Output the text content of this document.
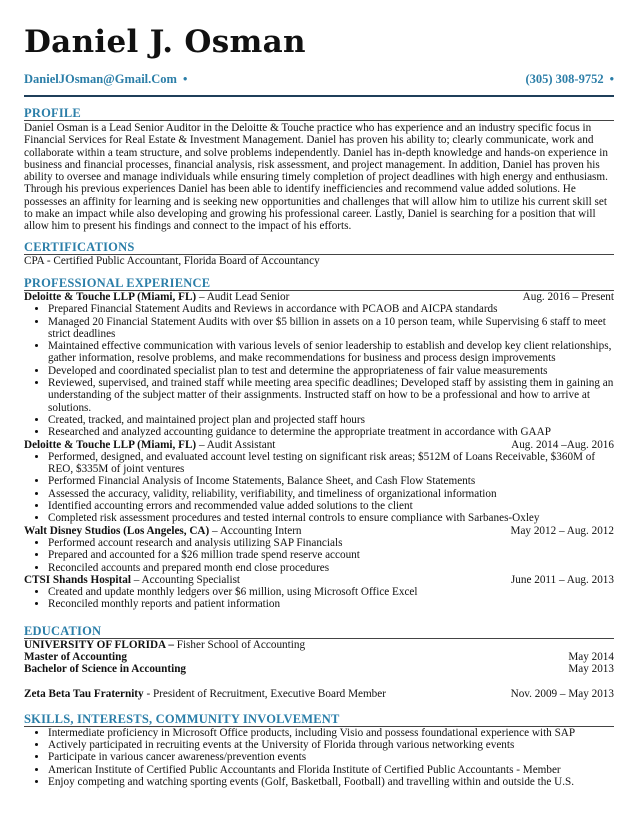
Daniel J. Osman
DanielJOsman@Gmail.Com •	(305) 308-9752 •
PROFILE
Daniel Osman is a Lead Senior Auditor in the Deloitte & Touche practice who has experience and an industry specific focus in Financial Services for Real Estate & Investment Management. Daniel has proven his ability to; clearly communicate, work and collaborate within a team structure, and solve problems independently. Daniel has in-depth knowledge and hands-on experience in business and financial processes, financial analysis, risk assessment, and project management. In addition, Daniel has proven his ability to oversee and manage individuals while ensuring timely completion of project deadlines with high energy and enthusiasm. Through his previous experiences Daniel has been able to identify inefficiencies and recommend value added solutions. He possesses an affinity for learning and is seeking new opportunities and challenges that will allow him to utilize his current skill set to make an impact while also developing and growing his professional career. Lastly, Daniel is searching for a position that will allow him to present his findings and connect to the impact of his efforts.
CERTIFICATIONS
CPA - Certified Public Accountant, Florida Board of Accountancy
PROFESSIONAL EXPERIENCE
Deloitte & Touche LLP (Miami, FL) – Audit Lead Senior	Aug. 2016 – Present
• Prepared Financial Statement Audits and Reviews in accordance with PCAOB and AICPA standards
• Managed 20 Financial Statement Audits with over $5 billion in assets on a 10 person team, while Supervising 6 staff to meet strict deadlines
• Maintained effective communication with various levels of senior leadership to establish and develop key client relationships, gather information, resolve problems, and make recommendations for business and process design improvements
• Developed and coordinated specialist plan to test and determine the appropriateness of fair value measurements
• Reviewed, supervised, and trained staff while meeting area specific deadlines; Developed staff by assisting them in gaining an understanding of the subject matter of their assignments. Instructed staff on how to be a professional and how to arrive at solutions.
• Created, tracked, and maintained project plan and projected staff hours
• Researched and analyzed accounting guidance to determine the appropriate treatment in accordance with GAAP
Deloitte & Touche LLP (Miami, FL) – Audit Assistant	Aug. 2014 –Aug. 2016
• Performed, designed, and evaluated account level testing on significant risk areas; $512M of Loans Receivable, $360M of REO, $335M of joint ventures
• Performed Financial Analysis of Income Statements, Balance Sheet, and Cash Flow Statements
• Assessed the accuracy, validity, reliability, verifiability, and timeliness of organizational information
• Identified accounting errors and recommended value added solutions to the client
• Completed risk assessment procedures and tested internal controls to ensure compliance with Sarbanes-Oxley
Walt Disney Studios (Los Angeles, CA) – Accounting Intern	May 2012 – Aug. 2012
• Performed account research and analysis utilizing SAP Financials
• Prepared and accounted for a $26 million trade spend reserve account
• Reconciled accounts and prepared month end close procedures
CTSI Shands Hospital – Accounting Specialist	June 2011 – Aug. 2013
• Created and update monthly ledgers over $6 million, using Microsoft Office Excel
• Reconciled monthly reports and patient information
EDUCATION
UNIVERSITY OF FLORIDA – Fisher School of Accounting
Master of Accounting	May 2014
Bachelor of Science in Accounting	May 2013
Zeta Beta Tau Fraternity - President of Recruitment, Executive Board Member	Nov. 2009 – May 2013
SKILLS, INTERESTS, COMMUNITY INVOLVEMENT
• Intermediate proficiency in Microsoft Office products, including Visio and possess foundational experience with SAP
• Actively participated in recruiting events at the University of Florida through various networking events
• Participate in various cancer awareness/prevention events
• American Institute of Certified Public Accountants and Florida Institute of Certified Public Accountants - Member
• Enjoy competing and watching sporting events (Golf, Basketball, Football) and travelling within and outside the U.S.
